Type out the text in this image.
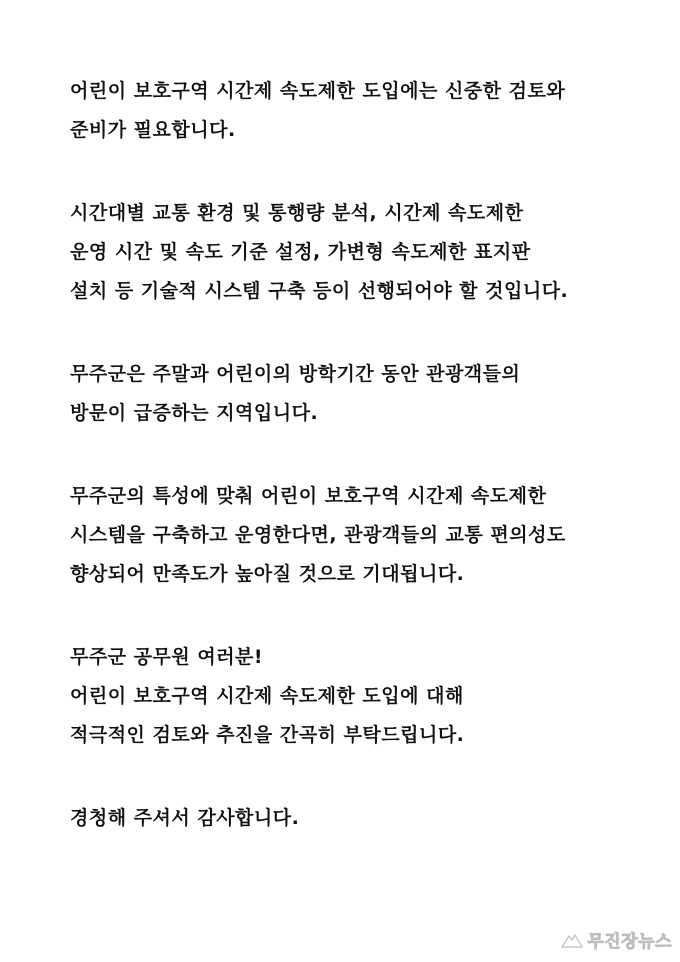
어린이 보호구역 시간제 속도제한 도입에는 신중한 검토와
준비가 필요합니다.
시간대별 교통 환경 및 통행량 분석, 시간제 속도제한
운영 시간 및 속도 기준 설정, 가변형 속도제한 표지판
설치 등 기술적 시스템 구축 등이 선행되어야 할 것입니다.
무주군은 주말과 어린이의 방학기간 동안 관광객들의
방문이 급증하는 지역입니다.
무주군의 특성에 맞춰 어린이 보호구역 시간제 속도제한
시스템을 구축하고 운영한다면, 관광객들의 교통 편의성도
향상되어 만족도가 높아질 것으로 기대됩니다.
무주군 공무원 여러분!
어린이 보호구역 시간제 속도제한 도입에 대해
적극적인 검토와 추진을 간곡히 부탁드립니다.
경청해 주셔서 감사합니다.
무진장뉴스
